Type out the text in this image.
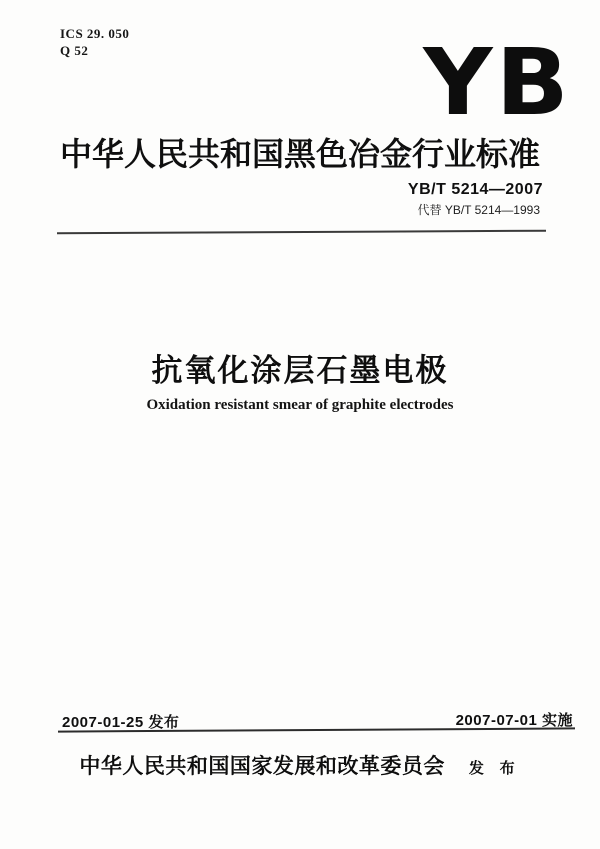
ICS 29. 050
Q 52	YB
中华人民共和国黑色冶金行业标准
YB/T 5214—2007
代替 YB/T 5214—1993
抗氧化涂层石墨电极
Oxidation resistant smear of graphite electrodes
2007-01-25 发布	2007-07-01 实施
中华人民共和国国家发展和改革委员会 发 布
